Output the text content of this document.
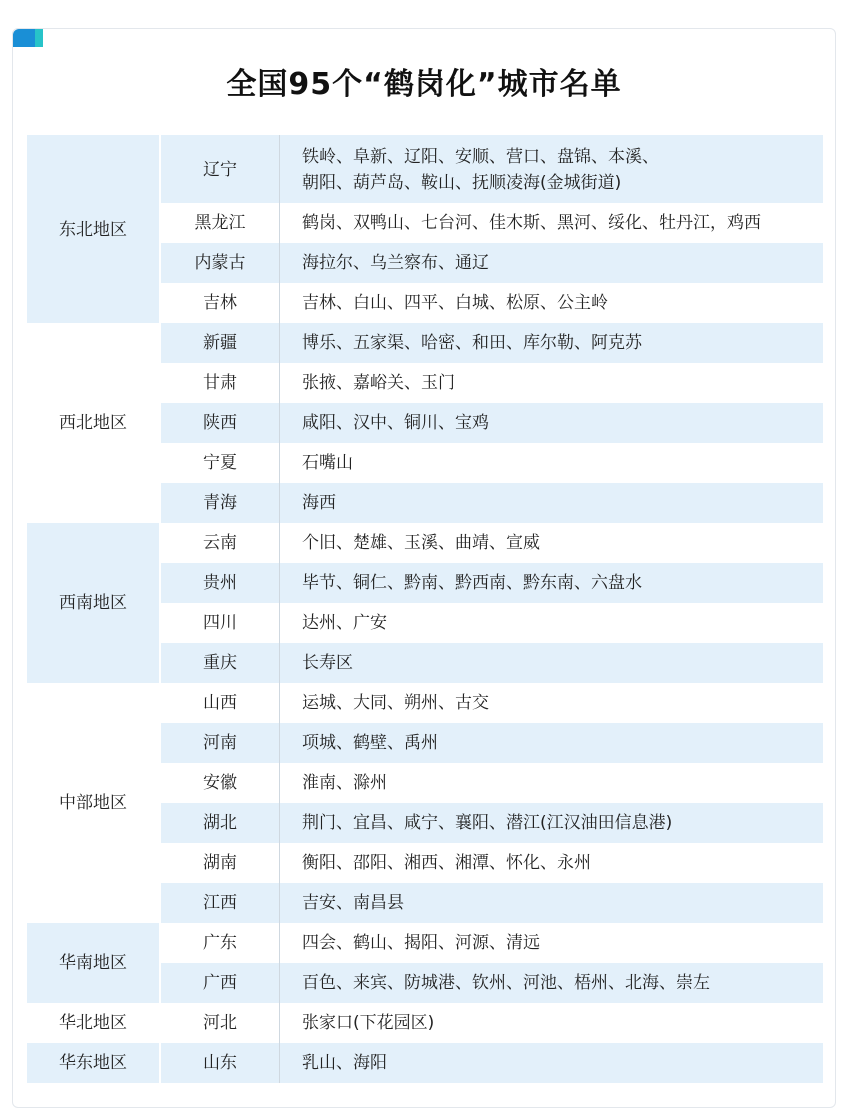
全国95个“鹤岗化”城市名单
东北地区	辽宁	铁岭、阜新、辽阳、安顺、营口、盘锦、本溪、
朝阳、葫芦岛、鞍山、抚顺凌海(金城街道)

	黑龙江	鹤岗、双鸭山、七台河、佳木斯、黑河、绥化、牡丹江，鸡西

	内蒙古	海拉尔、乌兰察布、通辽

	吉林	吉林、白山、四平、白城、松原、公主岭

西北地区	新疆	博乐、五家渠、哈密、和田、库尔勒、阿克苏

	甘肃	张掖、嘉峪关、玉门

	陕西	咸阳、汉中、铜川、宝鸡

	宁夏	石嘴山

	青海	海西

西南地区	云南	个旧、楚雄、玉溪、曲靖、宣威

	贵州	毕节、铜仁、黔南、黔西南、黔东南、六盘水

	四川	达州、广安

	重庆	长寿区

中部地区	山西	运城、大同、朔州、古交

	河南	项城、鹤壁、禹州

	安徽	淮南、滁州

	湖北	荆门、宜昌、咸宁、襄阳、潜江(江汉油田信息港)

	湖南	衡阳、邵阳、湘西、湘潭、怀化、永州

	江西	吉安、南昌县

华南地区	广东	四会、鹤山、揭阳、河源、清远

	广西	百色、来宾、防城港、钦州、河池、梧州、北海、崇左

华北地区	河北	张家口(下花园区)

华东地区	山东	乳山、海阳
